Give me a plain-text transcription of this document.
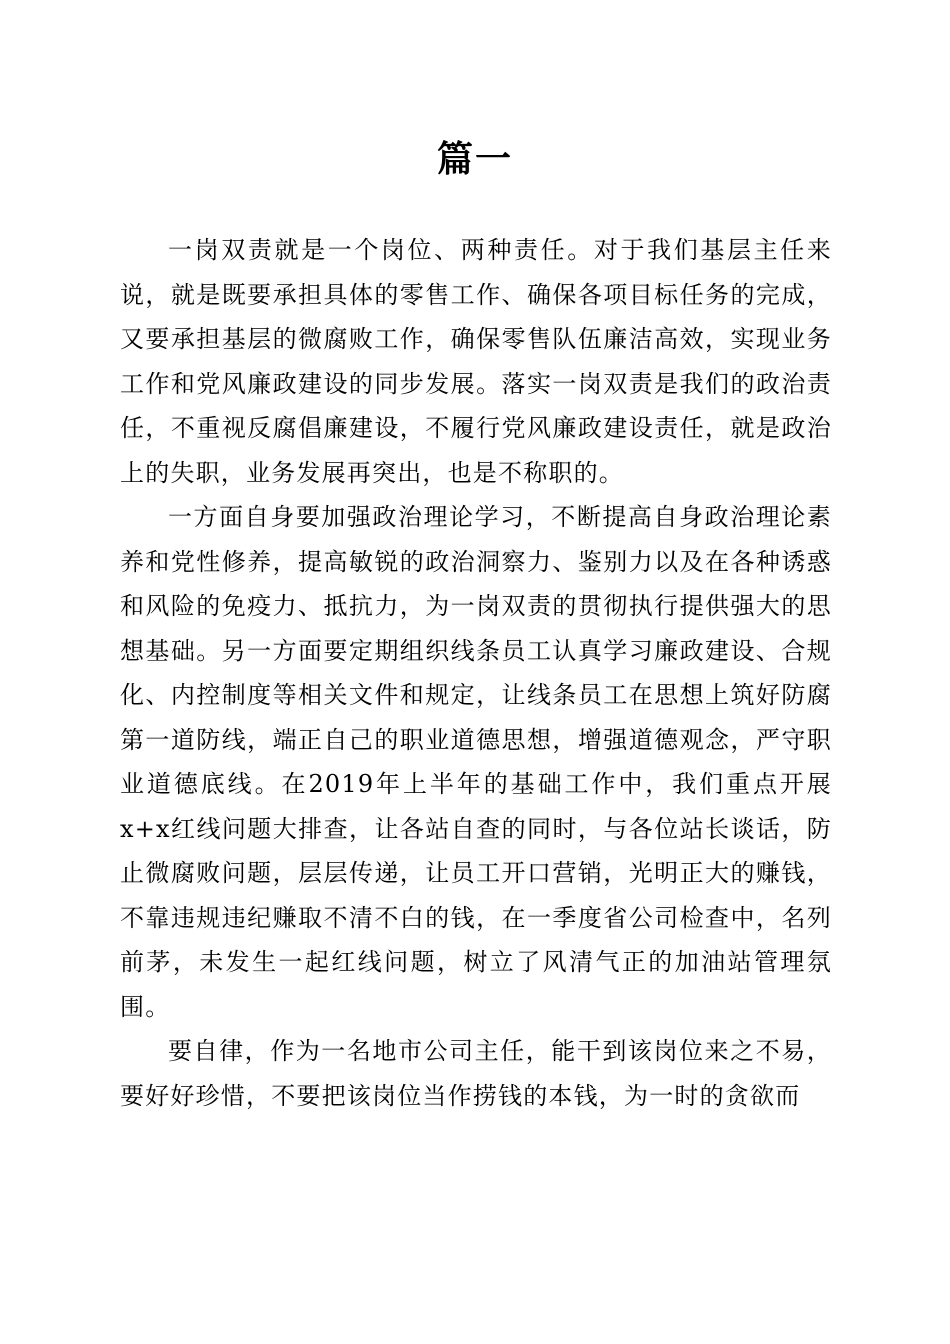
篇一

一岗双责就是一个岗位、两种责任。对于我们基层主任来说，就是既要承担具体的零售工作、确保各项目标任务的完成，又要承担基层的微腐败工作，确保零售队伍廉洁高效，实现业务工作和党风廉政建设的同步发展。落实一岗双责是我们的政治责任，不重视反腐倡廉建设，不履行党风廉政建设责任，就是政治上的失职，业务发展再突出，也是不称职的。

一方面自身要加强政治理论学习，不断提高自身政治理论素养和党性修养，提高敏锐的政治洞察力、鉴别力以及在各种诱惑和风险的免疫力、抵抗力，为一岗双责的贯彻执行提供强大的思想基础。另一方面要定期组织线条员工认真学习廉政建设、合规化、内控制度等相关文件和规定，让线条员工在思想上筑好防腐第一道防线，端正自己的职业道德思想，增强道德观念，严守职业道德底线。在2019年上半年的基础工作中，我们重点开展x+x红线问题大排查，让各站自查的同时，与各位站长谈话，防止微腐败问题，层层传递，让员工开口营销，光明正大的赚钱，不靠违规违纪赚取不清不白的钱，在一季度省公司检查中，名列前茅，未发生一起红线问题，树立了风清气正的加油站管理氛围。

要自律，作为一名地市公司主任，能干到该岗位来之不易，要好好珍惜，不要把该岗位当作捞钱的本钱，为一时的贪欲而
